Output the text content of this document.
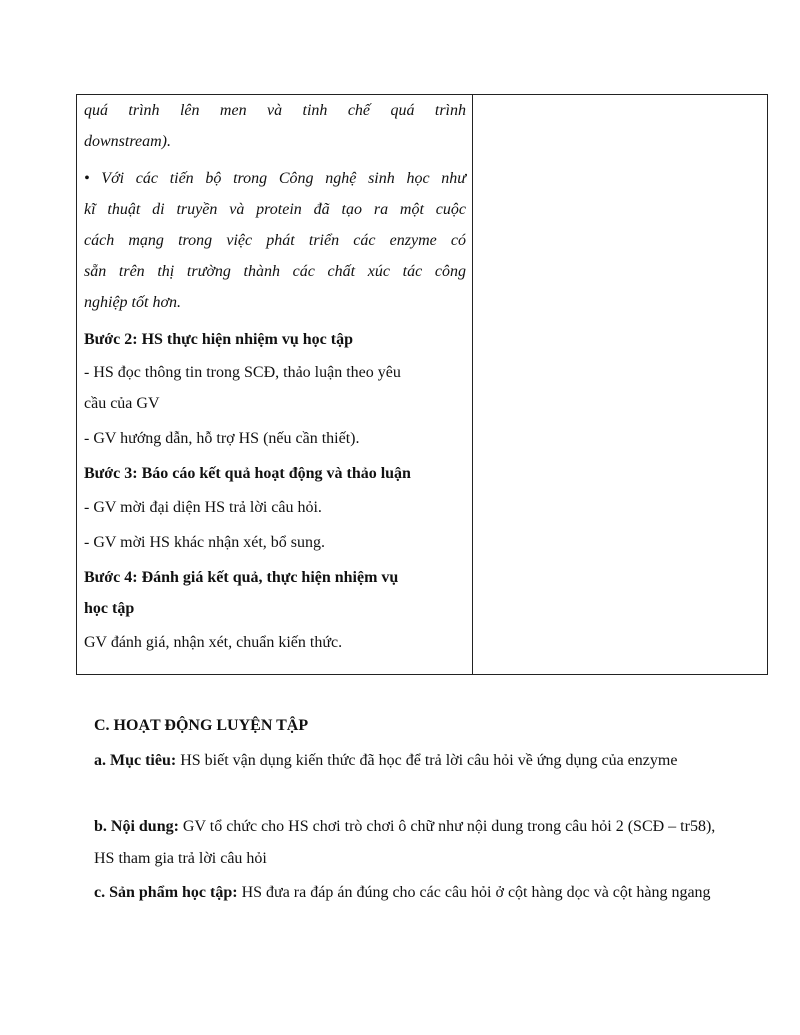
quá trình lên men và tinh chế quá trình
downstream).
• Với các tiến bộ trong Công nghệ sinh học như
kĩ thuật di truyền và protein đã tạo ra một cuộc
cách mạng trong việc phát triển các enzyme có
sẵn trên thị trường thành các chất xúc tác công
nghiệp tốt hơn.
Bước 2: HS thực hiện nhiệm vụ học tập
- HS đọc thông tin trong SCĐ, thảo luận theo yêu
cầu của GV
- GV hướng dẫn, hỗ trợ HS (nếu cần thiết).
Bước 3: Báo cáo kết quả hoạt động và thảo luận
- GV mời đại diện HS trả lời câu hỏi.
- GV mời HS khác nhận xét, bổ sung.
Bước 4: Đánh giá kết quả, thực hiện nhiệm vụ
học tập
GV đánh giá, nhận xét, chuẩn kiến thức.

C. HOẠT ĐỘNG LUYỆN TẬP
a. Mục tiêu: HS biết vận dụng kiến thức đã học để trả lời câu hỏi về ứng dụng của enzyme
b. Nội dung: GV tổ chức cho HS chơi trò chơi ô chữ như nội dung trong câu hỏi 2 (SCĐ – tr58), HS tham gia trả lời câu hỏi
c. Sản phẩm học tập: HS đưa ra đáp án đúng cho các câu hỏi ở cột hàng dọc và cột hàng ngang
